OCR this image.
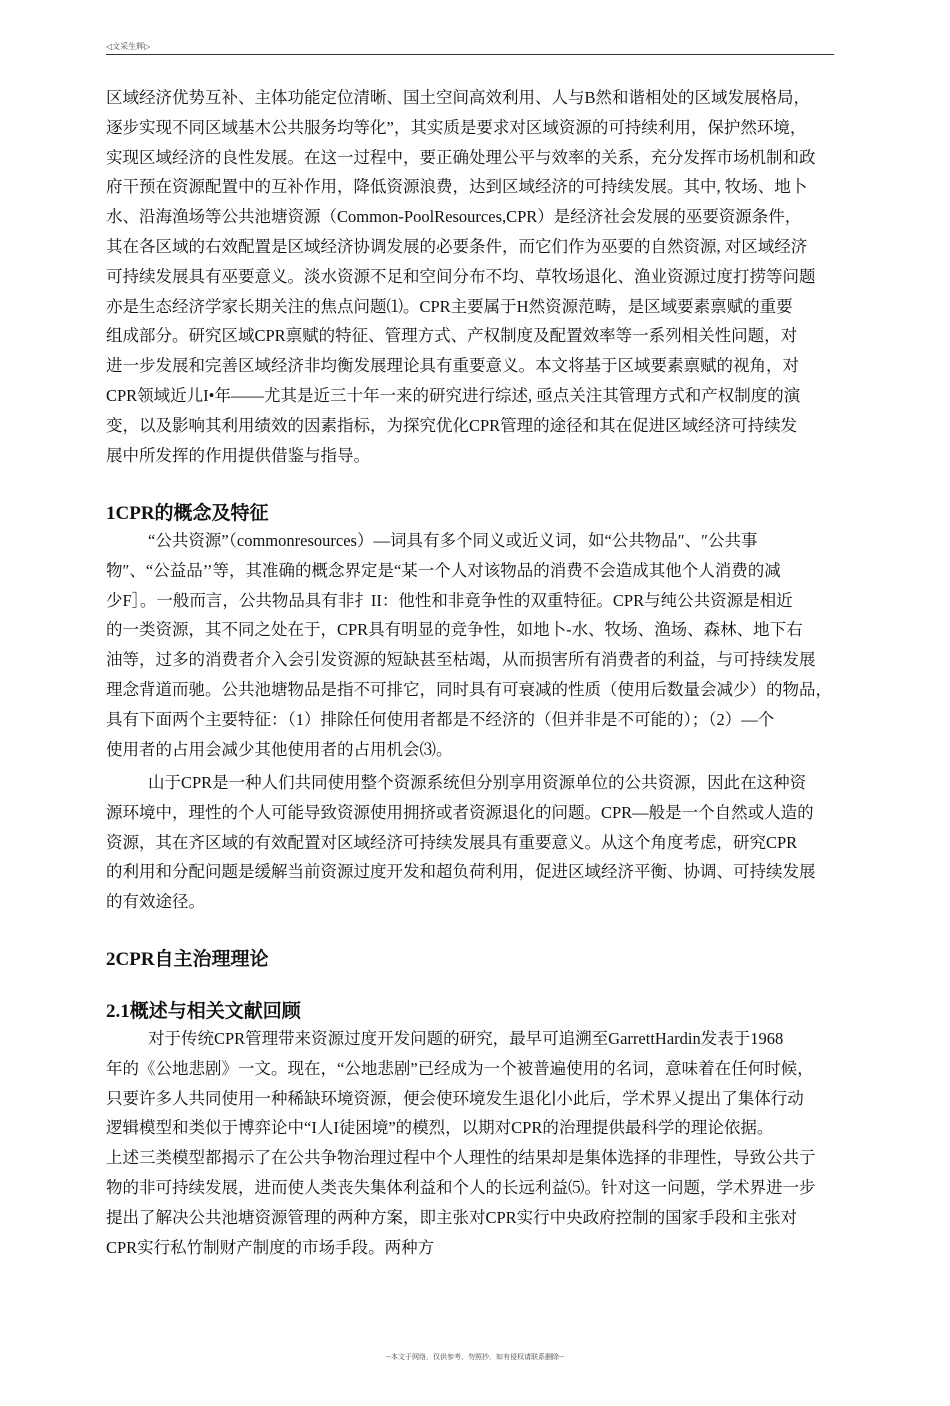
◁文采生辉▷
区域经济优势互补、主体功能定位清晰、国土空间高效利用、人与B然和谐相处的区域发展格局，
逐步实现不同区域基木公共服务均等化”，其实质是要求对区域资源的可持续利用，保护然环境，
实现区域经济的良性发展。在这一过程中，要正确处理公平与效率的关系，充分发挥市场机制和政
府干预在资源配置中的互补作用，降低资源浪费，达到区域经济的可持续发展。其中, 牧场、地卜
水、沿海渔场等公共池塘资源（Common-PoolResources,CPR）是经济社会发展的巫要资源条件，
其在各区域的右效配置是区域经济协调发展的必要条件，而它们作为巫要的自然资源, 对区域经济
可持续发展具有巫要意义。淡水资源不足和空间分布不均、草牧场退化、渔业资源过度打捞等问题
亦是生态经济学家长期关注的焦点问题⑴。CPR主要属于H然资源范畴，是区域要素禀赋的重要
组成部分。研究区域CPR禀赋的特征、管理方式、产权制度及配置效率等一系列相关性问题，对
进一步发展和完善区域经济非均衡发展理论具有重要意义。本文将基于区域要素禀赋的视角，对
CPR领域近儿I•年——尤其是近三十年一来的研究进行综述, 亟点关注其管理方式和产权制度的演
变，以及影响其利用绩效的因素指标，为探究优化CPR管理的途径和其在促进区域经济可持续发
展中所发挥的作用提供借鉴与指导。
1CPR的概念及特征
“公共资源”（commonresources）—词具有多个同义或近义词，如“公共物品″、″公共事
物″、“公益品’’等，其准确的概念界定是“某一个人对该物品的消费不会造成其他个人消费的减
少F］。一般而言，公共物品具有非扌II：他性和非竟争性的双重特征。CPR与纯公共资源是相近
的一类资源，其不同之处在于，CPR具有明显的竞争性，如地卜-水、牧场、渔场、森林、地下右
油等，过多的消费者介入会引发资源的短缺甚至枯竭，从而损害所有消费者的利益，与可持续发展
理念背道而驰。公共池塘物品是指不可排它，同时具有可衰减的性质（使用后数量会减少）的物品，
具有下面两个主要特征：（1）排除任何使用者都是不经济的（但并非是不可能的）；（2）—个
使用者的占用会减少其他使用者的占用机会⑶。
山于CPR是一种人们共同使用整个资源系统但分别享用资源单位的公共资源，因此在这种资
源环境中，理性的个人可能导致资源使用拥挤或者资源退化的问题。CPR—般是一个自然或人造的
资源，其在齐区域的有效配置对区域经济可持续发展具有重要意义。从这个角度考虑，研究CPR
的利用和分配问题是缓解当前资源过度开发和超负荷利用，促进区域经济平衡、协调、可持续发展
的有效途径。
2CPR自主治理理论
2.1概述与相关文献回顾
对于传统CPR管理带来资源过度开发问题的研究，最早可追溯至GarrettHardin发表于1968
年的《公地悲剧》一文。现在，“公地悲剧”已经成为一个被普遍使用的名词，意味着在任何时候，
只要许多人共同使用一种稀缺环境资源，便会使环境发生退化∣小此后，学术界乂提出了集体行动
逻辑模型和类似于博弈论中“I人I徒困境”的模烈，以期对CPR的治理提供最科学的理论依据。
上述三类模型都揭示了在公共争物治理过程中个人理性的结果却是集体选择的非理性，导致公共亍
物的非可持续发展，进而使人类丧失集体利益和个人的长远利益⑸。针对这一问题，学术界进一步
提出了解决公共池塘资源管理的两种方案，即主张对CPR实行中央政府控制的国家手段和主张对
CPR实行私竹制财产制度的市场手段。两种方
--本文于网络，仅供参考，勿照抄，如有侵权请联系删除--
